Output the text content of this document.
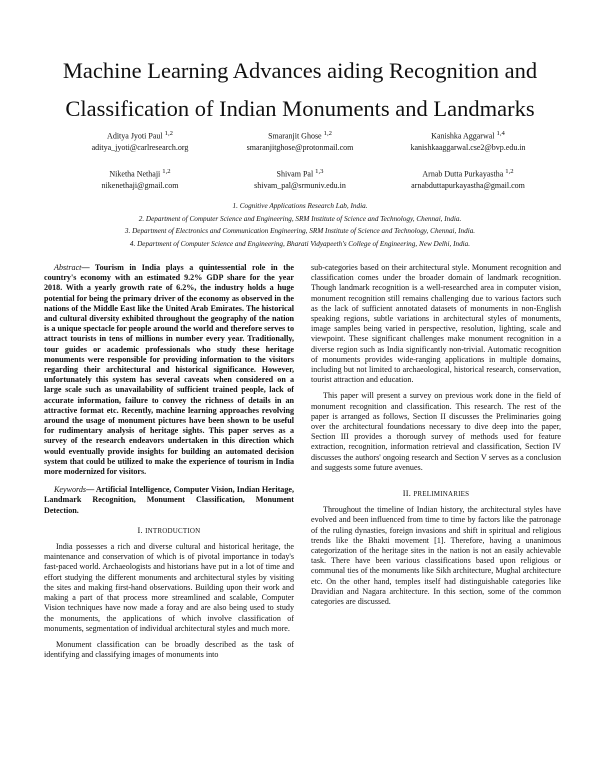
Machine Learning Advances aiding Recognition and
Classification of Indian Monuments and Landmarks
Aditya Jyoti Paul $^{1,2}$
aditya_jyoti@carlresearch.org
Smaranjit Ghose $^{1,2}$
smaranjitghose@protonmail.com
Kanishka Aggarwal $^{1,4}$
kanishkaaggarwal.cse2@bvp.edu.in
Niketha Nethaji $^{1,2}$
nikenethaji@gmail.com
Shivam Pal $^{1,3}$
shivam_pal@srmuniv.edu.in
Arnab Dutta Purkayastha $^{1,2}$
arnabduttapurkayastha@gmail.com
1. Cognitive Applications Research Lab, India.
2. Department of Computer Science and Engineering, SRM Institute of Science and Technology, Chennai, India.
3. Department of Electronics and Communication Engineering, SRM Institute of Science and Technology, Chennai, India.
4. Department of Computer Science and Engineering, Bharati Vidyapeeth's College of Engineering, New Delhi, India.

Abstract— Tourism in India plays a quintessential role in the country's economy with an estimated 9.2% GDP share for the year 2018. With a yearly growth rate of 6.2%, the industry holds a huge potential for being the primary driver of the economy as observed in the nations of the Middle East like the United Arab Emirates. The historical and cultural diversity exhibited throughout the geography of the nation is a unique spectacle for people around the world and therefore serves to attract tourists in tens of millions in number every year. Traditionally, tour guides or academic professionals who study these heritage monuments were responsible for providing information to the visitors regarding their architectural and historical significance. However, unfortunately this system has several caveats when considered on a large scale such as unavailability of sufficient trained people, lack of accurate information, failure to convey the richness of details in an attractive format etc. Recently, machine learning approaches revolving around the usage of monument pictures have been shown to be useful for rudimentary analysis of heritage sights. This paper serves as a survey of the research endeavors undertaken in this direction which would eventually provide insights for building an automated decision system that could be utilized to make the experience of tourism in India more modernized for visitors.

Keywords— Artificial Intelligence, Computer Vision, Indian Heritage, Landmark Recognition, Monument Classification, Monument Detection.

I. INTRODUCTION

India possesses a rich and diverse cultural and historical heritage, the maintenance and conservation of which is of pivotal importance in today's fast-paced world. Archaeologists and historians have put in a lot of time and effort studying the different monuments and architectural styles by visiting the sites and making first-hand observations. Building upon their work and making a part of that process more streamlined and scalable, Computer Vision techniques have now made a foray and are also being used to study the monuments, the applications of which involve classification of monuments, segmentation of individual architectural styles and much more.

Monument classification can be broadly described as the task of identifying and classifying images of monuments into

sub-categories based on their architectural style. Monument recognition and classification comes under the broader domain of landmark recognition. Though landmark recognition is a well-researched area in computer vision, monument recognition still remains challenging due to various factors such as the lack of sufficient annotated datasets of monuments in non-English speaking regions, subtle variations in architectural styles of monuments, image samples being varied in perspective, resolution, lighting, scale and viewpoint. These significant challenges make monument recognition in a diverse region such as India significantly non-trivial. Automatic recognition of monuments provides wide-ranging applications in multiple domains, including but not limited to archaeological, historical research, conservation, tourist attraction and education.

This paper will present a survey on previous work done in the field of monument recognition and classification. This research. The rest of the paper is arranged as follows, Section II discusses the Preliminaries going over the architectural foundations necessary to dive deep into the paper, Section III provides a thorough survey of methods used for feature extraction, recognition, information retrieval and classification, Section IV discusses the authors' ongoing research and Section V serves as a conclusion and suggests some future avenues.

II. PRELIMINARIES

Throughout the timeline of Indian history, the architectural styles have evolved and been influenced from time to time by factors like the patronage of the ruling dynasties, foreign invasions and shift in spiritual and religious trends like the Bhakti movement [1]. Therefore, having a unanimous categorization of the heritage sites in the nation is not an easily achievable task. There have been various classifications based upon religious or communal ties of the monuments like Sikh architecture, Mughal architecture etc. On the other hand, temples itself had distinguishable categories like Dravidian and Nagara architecture. In this section, some of the common categories are discussed.
